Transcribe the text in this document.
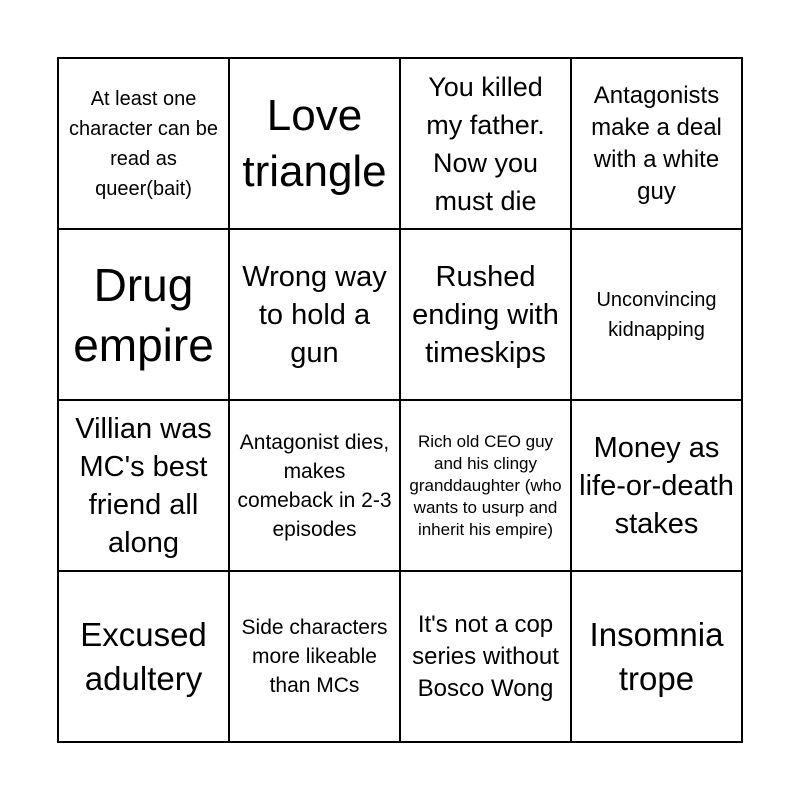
At least one character can be read as queer(bait)
Love triangle
You killed my father. Now you must die
Antagonists make a deal with a white guy
Drug empire
Wrong way to hold a gun
Rushed ending with timeskips
Unconvincing kidnapping
Villian was MC's best friend all along
Antagonist dies, makes comeback in 2-3 episodes
Rich old CEO guy and his clingy granddaughter (who wants to usurp and inherit his empire)
Money as life-or-death stakes
Excused adultery
Side characters more likeable than MCs
It's not a cop series without Bosco Wong
Insomnia trope
